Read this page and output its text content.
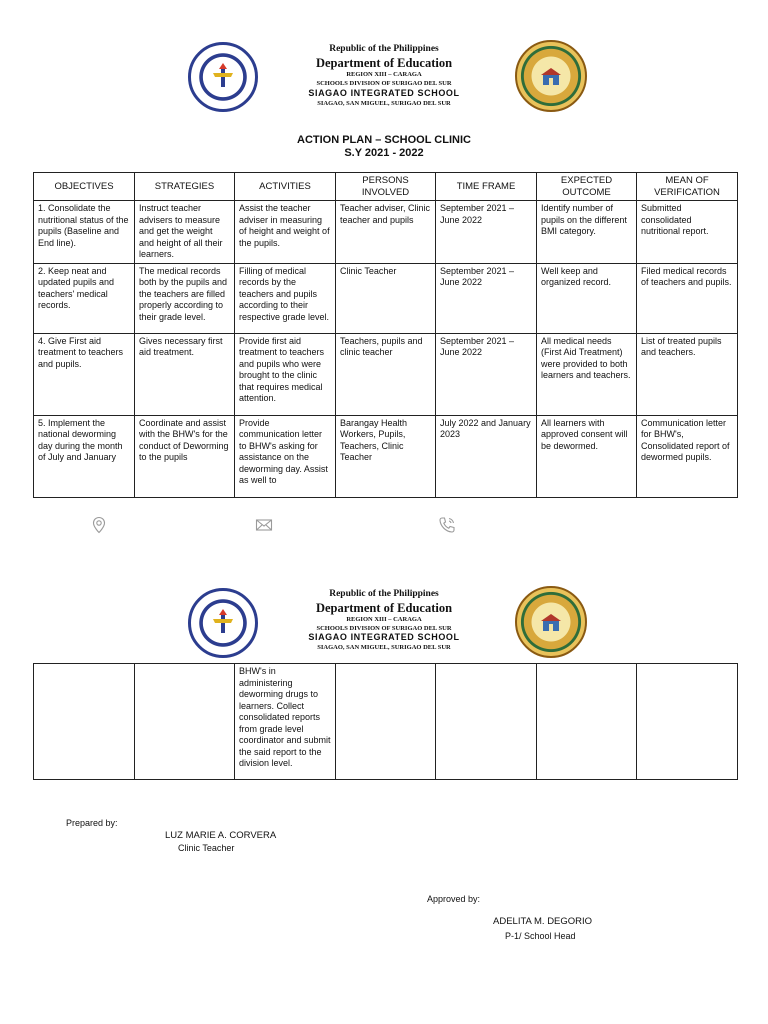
Republic of the Philippines
Department of Education
REGION XIII – CARAGA
SCHOOLS DIVISION OF SURIGAO DEL SUR
SIAGAO INTEGRATED SCHOOL
SIAGAO, SAN MIGUEL, SURIGAO DEL SUR
ACTION PLAN – SCHOOL CLINIC
S.Y 2021 - 2022
OBJECTIVES	STRATEGIES	ACTIVITIES	PERSONS INVOLVED	TIME FRAME	EXPECTED OUTCOME	MEAN OF VERIFICATION
1. Consolidate the nutritional status of the pupils (Baseline and End line).	Instruct teacher advisers to measure and get the weight and height of all their learners.	Assist the teacher adviser in measuring of height and weight of the pupils.	Teacher adviser, Clinic teacher and pupils	September 2021 – June 2022	Identify number of pupils on the different BMI category.	Submitted consolidated nutritional report.
2. Keep neat and updated pupils and teachers' medical records.	The medical records both by the pupils and the teachers are filled properly according to their grade level.	Filling of medical records by the teachers and pupils according to their respective grade level.	Clinic Teacher	September 2021 – June 2022	Well keep and organized record.	Filed medical records of teachers and pupils.
4. Give First aid treatment to teachers and pupils.	Gives necessary first aid treatment.	Provide first aid treatment to teachers and pupils who were brought to the clinic that requires medical attention.	Teachers, pupils and clinic teacher	September 2021 – June 2022	All medical needs (First Aid Treatment) were provided to both learners and teachers.	List of treated pupils and teachers.
5. Implement the national deworming day during the month of July and January	Coordinate and assist with the BHW's for the conduct of Deworming to the pupils	Provide communication letter to BHW's asking for assistance on the deworming day. Assist as well to	Barangay Health Workers, Pupils, Teachers, Clinic Teacher	July 2022 and January 2023	All learners with approved consent will be dewormed.	Communication letter for BHW's, Consolidated report of dewormed pupils.
Republic of the Philippines
Department of Education
REGION XIII – CARAGA
SCHOOLS DIVISION OF SURIGAO DEL SUR
SIAGAO INTEGRATED SCHOOL
SIAGAO, SAN MIGUEL, SURIGAO DEL SUR
		BHW's in administering deworming drugs to learners. Collect consolidated reports from grade level coordinator and submit the said report to the division level.				
Prepared by:
LUZ MARIE A. CORVERA
Clinic Teacher
Approved by:
ADELITA M. DEGORIO
P-1/ School Head
